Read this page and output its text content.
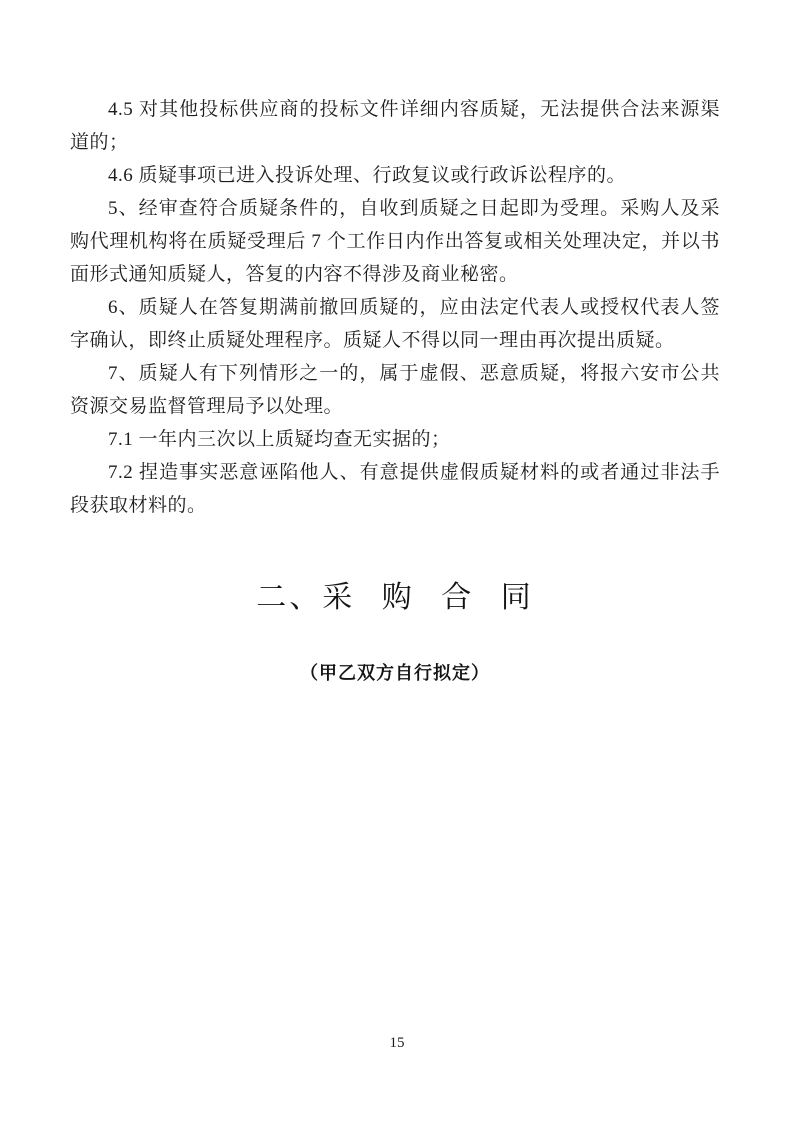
4.5 对其他投标供应商的投标文件详细内容质疑，无法提供合法来源渠道的；

4.6 质疑事项已进入投诉处理、行政复议或行政诉讼程序的。

5、经审查符合质疑条件的，自收到质疑之日起即为受理。采购人及采购代理机构将在质疑受理后 7 个工作日内作出答复或相关处理决定，并以书面形式通知质疑人，答复的内容不得涉及商业秘密。

6、质疑人在答复期满前撤回质疑的，应由法定代表人或授权代表人签字确认，即终止质疑处理程序。质疑人不得以同一理由再次提出质疑。

7、质疑人有下列情形之一的，属于虚假、恶意质疑，将报六安市公共资源交易监督管理局予以处理。

7.1 一年内三次以上质疑均查无实据的；

7.2 捏造事实恶意诬陷他人、有意提供虚假质疑材料的或者通过非法手段获取材料的。

二、采 购 合 同
（甲乙双方自行拟定）
15
